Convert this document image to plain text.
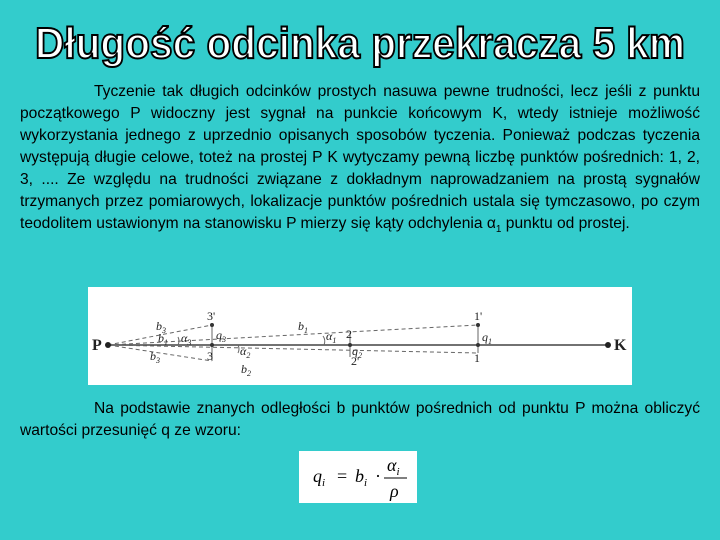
Długość odcinka przekracza 5 km

Tyczenie tak długich odcinków prostych nasuwa pewne trudności, lecz jeśli z punktu początkowego P widoczny jest sygnał na punkcie końcowym K, wtedy istnieje możliwość wykorzystania jednego z uprzednio opisanych sposobów tyczenia. Ponieważ podczas tyczenia występują długie celowe, toteż na prostej P K wytyczamy pewną liczbę punktów pośrednich: 1, 2, 3, .... Ze względu na trudności związane z dokładnym naprowadzaniem na prostą sygnałów trzymanych przez pomiarowych, lokalizacje punktów pośrednich ustala się tymczasowo, po czym teodolitem ustawionym na stanowisku P mierzy się kąty odchylenia $\alpha_1$ punktu od prostej.

P	K
3'
3	2'
2
1'
1
$b_3$
$b_1$
$b_1$
$b_3$
$b_2$
$q_3$
$q_2$
$q_1$
$\alpha_3$
$\alpha_2$
$\alpha_1$

Na podstawie znanych odległości b punktów pośrednich od punktu P można obliczyć wartości przesunięć q ze wzoru:

$q_i = b_i$ ·
$\alpha_i$
ρ
